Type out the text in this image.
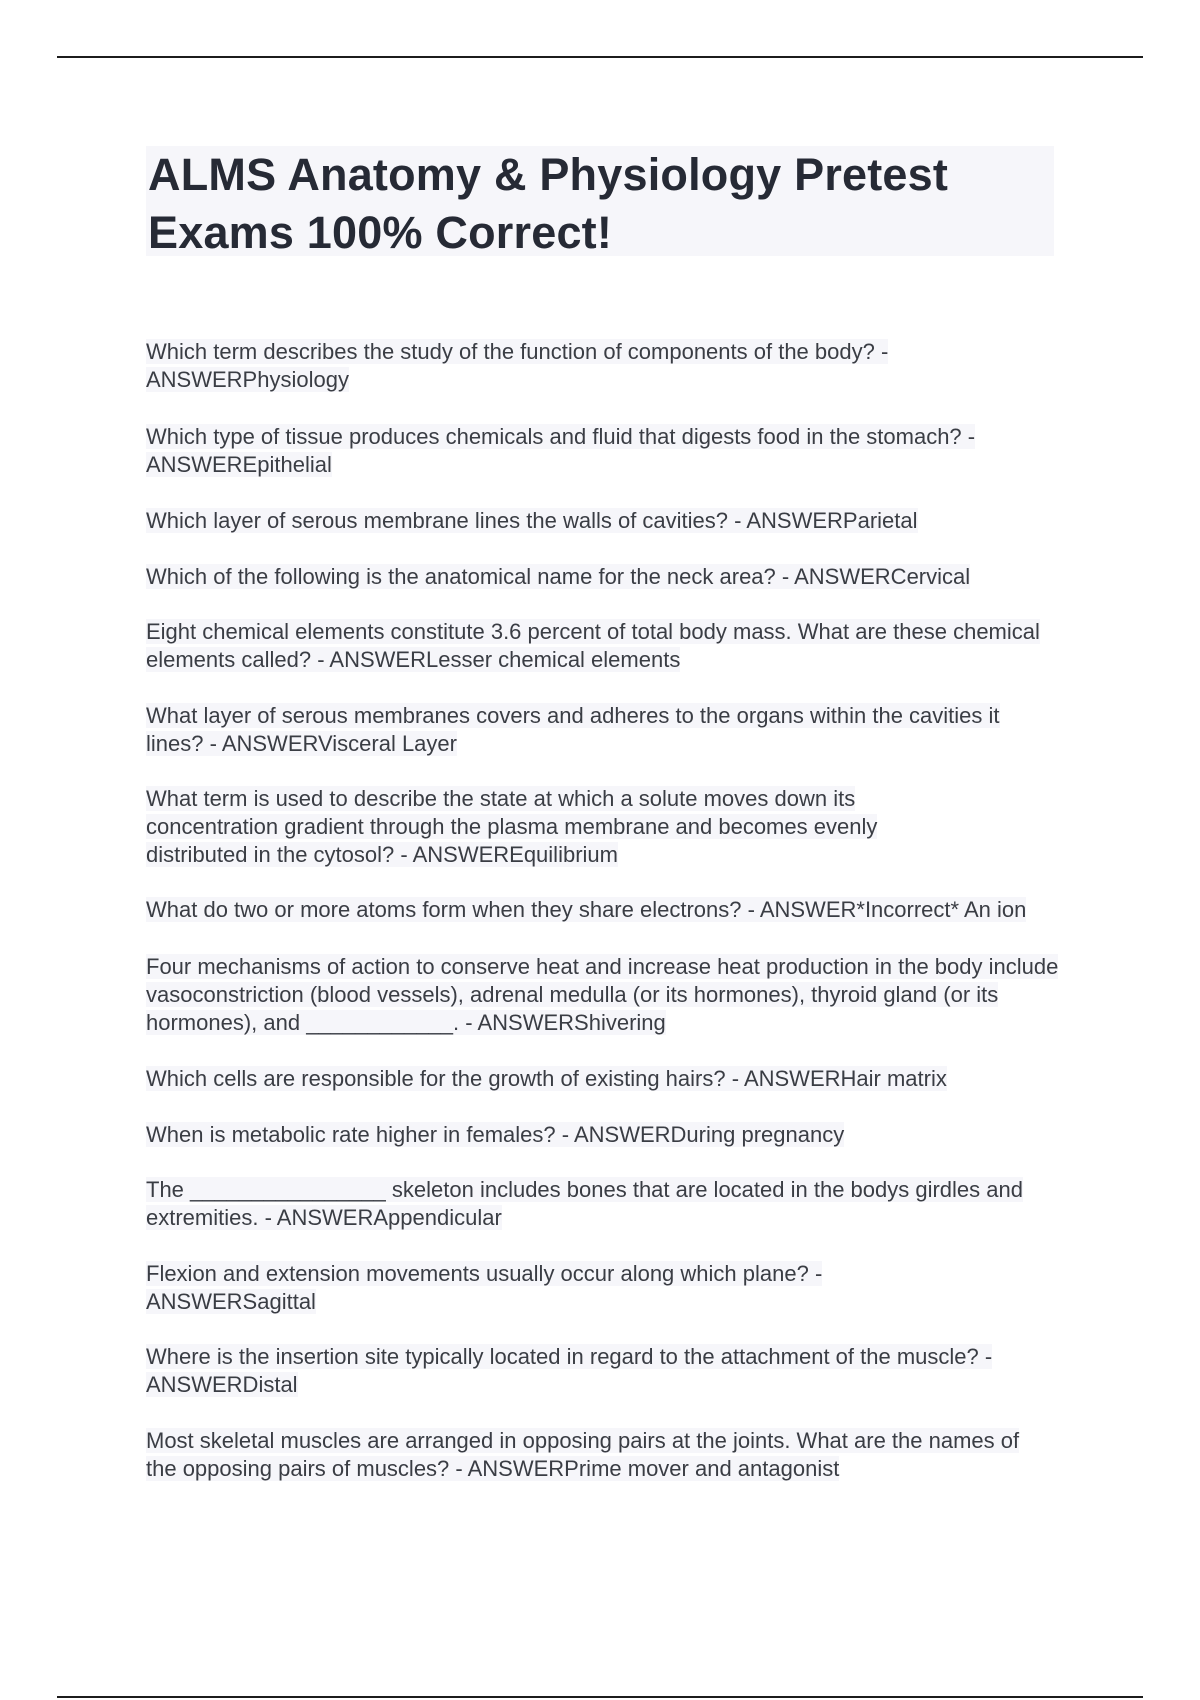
ALMS Anatomy & Physiology Pretest Exams 100% Correct!
Which term describes the study of the function of components of the body? - ANSWERPhysiology
Which type of tissue produces chemicals and fluid that digests food in the stomach? - ANSWEREpithelial
Which layer of serous membrane lines the walls of cavities? - ANSWERParietal
Which of the following is the anatomical name for the neck area? - ANSWERCervical
Eight chemical elements constitute 3.6 percent of total body mass. What are these chemical elements called? - ANSWERLesser chemical elements
What layer of serous membranes covers and adheres to the organs within the cavities it lines? - ANSWERVisceral Layer
What term is used to describe the state at which a solute moves down its concentration gradient through the plasma membrane and becomes evenly distributed in the cytosol? - ANSWEREquilibrium
What do two or more atoms form when they share electrons? - ANSWER*Incorrect* An ion
Four mechanisms of action to conserve heat and increase heat production in the body include vasoconstriction (blood vessels), adrenal medulla (or its hormones), thyroid gland (or its hormones), and ____________. - ANSWERShivering
Which cells are responsible for the growth of existing hairs? - ANSWERHair matrix
When is metabolic rate higher in females? - ANSWERDuring pregnancy
The ________________ skeleton includes bones that are located in the bodys girdles and extremities. - ANSWERAppendicular
Flexion and extension movements usually occur along which plane? - ANSWERSagittal
Where is the insertion site typically located in regard to the attachment of the muscle? - ANSWERDistal
Most skeletal muscles are arranged in opposing pairs at the joints. What are the names of the opposing pairs of muscles? - ANSWERPrime mover and antagonist
